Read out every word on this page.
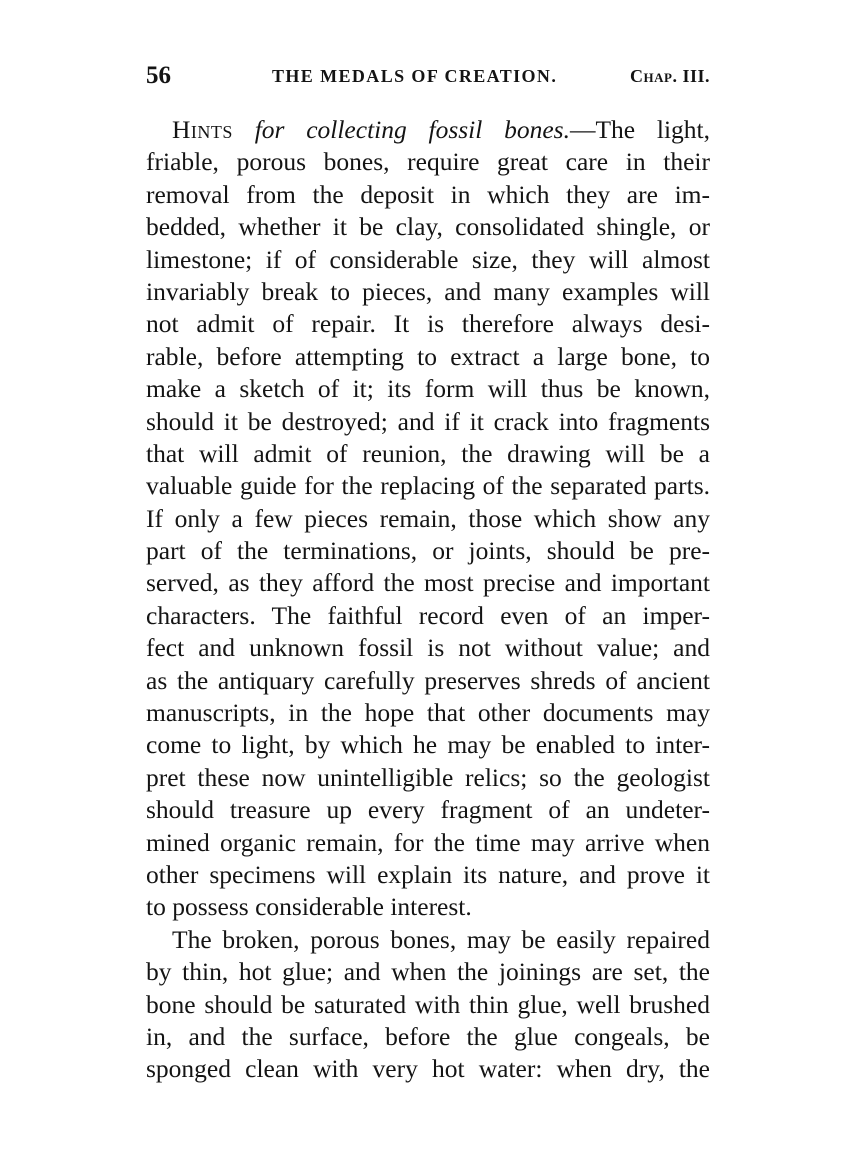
56	THE MEDALS OF CREATION.	Chap. III.
Hints for collecting fossil bones.—The light,
friable, porous bones, require great care in their
removal from the deposit in which they are im-
bedded, whether it be clay, consolidated shingle, or
limestone; if of considerable size, they will almost
invariably break to pieces, and many examples will
not admit of repair. It is therefore always desi-
rable, before attempting to extract a large bone, to
make a sketch of it; its form will thus be known,
should it be destroyed; and if it crack into fragments
that will admit of reunion, the drawing will be a
valuable guide for the replacing of the separated parts.
If only a few pieces remain, those which show any
part of the terminations, or joints, should be pre-
served, as they afford the most precise and important
characters. The faithful record even of an imper-
fect and unknown fossil is not without value; and
as the antiquary carefully preserves shreds of ancient
manuscripts, in the hope that other documents may
come to light, by which he may be enabled to inter-
pret these now unintelligible relics; so the geologist
should treasure up every fragment of an undeter-
mined organic remain, for the time may arrive when
other specimens will explain its nature, and prove it
to possess considerable interest.
The broken, porous bones, may be easily repaired
by thin, hot glue; and when the joinings are set, the
bone should be saturated with thin glue, well brushed
in, and the surface, before the glue congeals, be
sponged clean with very hot water: when dry, the
